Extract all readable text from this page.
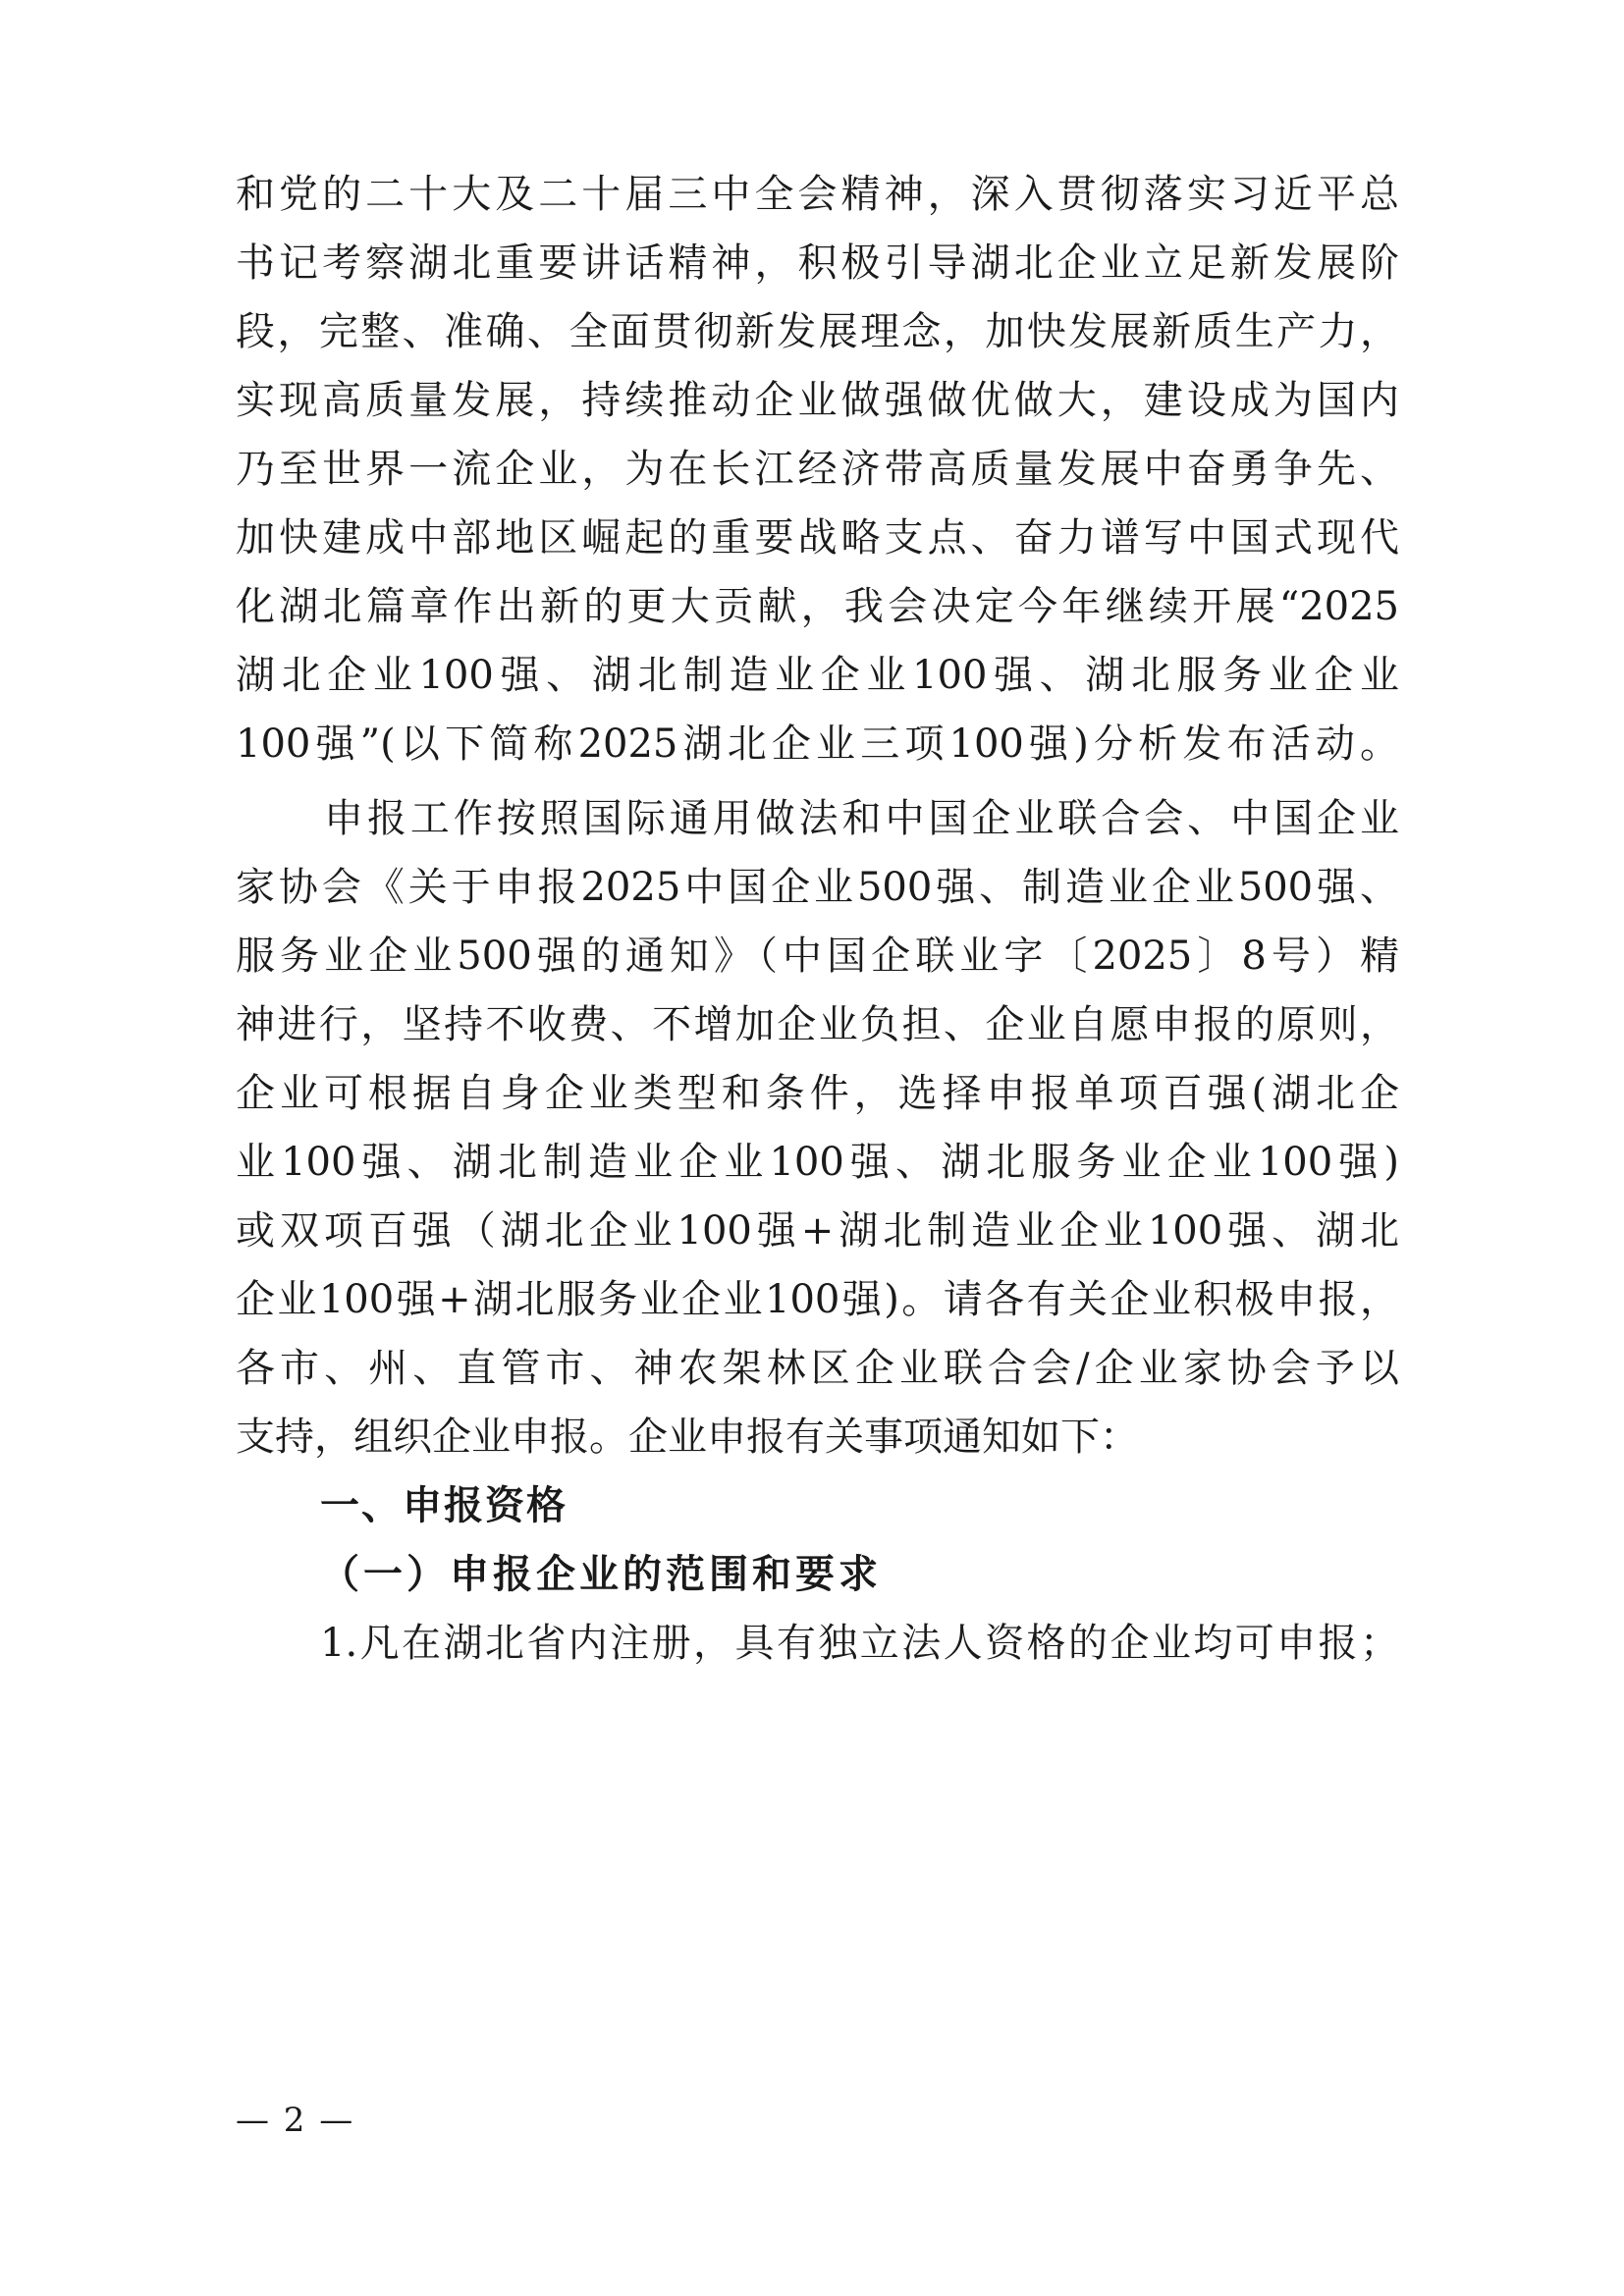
和党的二十大及二十届三中全会精神，深入贯彻落实习近平总
书记考察湖北重要讲话精神，积极引导湖北企业立足新发展阶
段，完整、准确、全面贯彻新发展理念，加快发展新质生产力，
实现高质量发展，持续推动企业做强做优做大，建设成为国内
乃至世界一流企业，为在长江经济带高质量发展中奋勇争先、
加快建成中部地区崛起的重要战略支点、奋力谱写中国式现代
化湖北篇章作出新的更大贡献，我会决定今年继续开展“2025
湖北企业100强、湖北制造业企业100强、湖北服务业企业
100强”(以下简称2025湖北企业三项100强)分析发布活动。
申报工作按照国际通用做法和中国企业联合会、中国企业
家协会《关于申报2025中国企业500强、制造业企业500强、
服务业企业500强的通知》（中国企联业字〔2025〕8号）精
神进行，坚持不收费、不增加企业负担、企业自愿申报的原则，
企业可根据自身企业类型和条件，选择申报单项百强(湖北企
业100强、湖北制造业企业100强、湖北服务业企业100强)
或双项百强（湖北企业100强+湖北制造业企业100强、湖北
企业100强+湖北服务业企业100强)。请各有关企业积极申报，
各市、州、直管市、神农架林区企业联合会/企业家协会予以
支持，组织企业申报。企业申报有关事项通知如下：
一、申报资格
（一）申报企业的范围和要求
1.凡在湖北省内注册，具有独立法人资格的企业均可申报；
— 2 —
